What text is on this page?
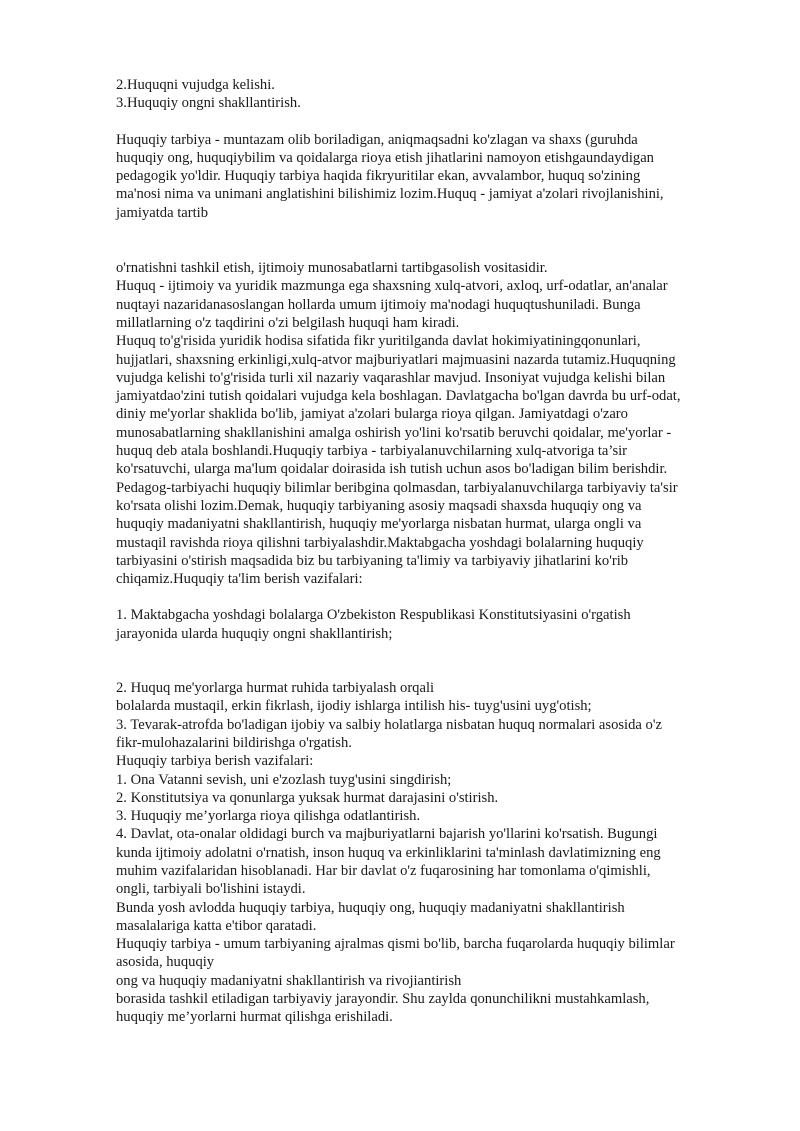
2.Huquqni vujudga kelishi.

3.Huquqiy ongni shakllantirish.

Huquqiy tarbiya - muntazam olib boriladigan, aniqmaqsadni ko'zlagan va shaxs (guruhda

huquqiy ong, huquqiybilim va qoidalarga rioya etish jihatlarini namoyon etishgaundaydigan

pedagogik yo'ldir. Huquqiy tarbiya haqida fikryuritilar ekan, avvalambor, huquq so'zining

ma'nosi nima va unimani anglatishini bilishimiz lozim.Huquq - jamiyat a'zolari rivojlanishini,

jamiyatda tartib

o'rnatishni tashkil etish, ijtimoiy munosabatlarni tartibgasolish vositasidir.

Huquq - ijtimoiy va yuridik mazmunga ega shaxsning xulq-atvori, axloq, urf-odatlar, an'analar

nuqtayi nazaridanasoslangan hollarda umum ijtimoiy ma'nodagi huquqtushuniladi. Bunga

millatlarning o'z taqdirini o'zi belgilash huquqi ham kiradi.

Huquq to'g'risida yuridik hodisa sifatida fikr yuritilganda davlat hokimiyatiningqonunlari,

hujjatlari, shaxsning erkinligi,xulq-atvor majburiyatlari majmuasini nazarda tutamiz.Huquqning

vujudga kelishi to'g'risida turli xil nazariy vaqarashlar mavjud. Insoniyat vujudga kelishi bilan

jamiyatdao'zini tutish qoidalari vujudga kela boshlagan. Davlatgacha bo'lgan davrda bu urf-odat,

diniy me'yorlar shaklida bo'lib, jamiyat a'zolari bularga rioya qilgan. Jamiyatdagi o'zaro

munosabatlarning shakllanishini amalga oshirish yo'lini ko'rsatib beruvchi qoidalar, me'yorlar -

huquq deb atala boshlandi.Huquqiy tarbiya - tarbiyalanuvchilarning xulq-atvoriga ta’sir

ko'rsatuvchi, ularga ma'lum qoidalar doirasida ish tutish uchun asos bo'ladigan bilim berishdir.

Pedagog-tarbiyachi huquqiy bilimlar beribgina qolmasdan, tarbiyalanuvchilarga tarbiyaviy ta'sir

ko'rsata olishi lozim.Demak, huquqiy tarbiyaning asosiy maqsadi shaxsda huquqiy ong va

huquqiy madaniyatni shakllantirish, huquqiy me'yorlarga nisbatan hurmat, ularga ongli va

mustaqil ravishda rioya qilishni tarbiyalashdir.Maktabgacha yoshdagi bolalarning huquqiy

tarbiyasini o'stirish maqsadida biz bu tarbiyaning ta'limiy va tarbiyaviy jihatlarini ko'rib

chiqamiz.Huquqiy ta'lim berish vazifalari:

1. Maktabgacha yoshdagi bolalarga O'zbekiston Respublikasi Konstitutsiyasini o'rgatish

jarayonida ularda huquqiy ongni shakllantirish;

2. Huquq me'yorlarga hurmat ruhida tarbiyalash orqali

bolalarda mustaqil, erkin fikrlash, ijodiy ishlarga intilish his- tuyg'usini uyg'otish;

3. Tevarak-atrofda bo'ladigan ijobiy va salbiy holatlarga nisbatan huquq normalari asosida o'z

fikr-mulohazalarini bildirishga o'rgatish.

Huquqiy tarbiya berish vazifalari:

1. Ona Vatanni sevish, uni e'zozlash tuyg'usini singdirish;

2. Konstitutsiya va qonunlarga yuksak hurmat darajasini o'stirish.

3. Huquqiy me’yorlarga rioya qilishga odatlantirish.

4. Davlat, ota-onalar oldidagi burch va majburiyatlarni bajarish yo'llarini ko'rsatish. Bugungi

kunda ijtimoiy adolatni o'rnatish, inson huquq va erkinliklarini ta'minlash davlatimizning eng

muhim vazifalaridan hisoblanadi. Har bir davlat o'z fuqarosining har tomonlama o'qimishli,

ongli, tarbiyali bo'lishini istaydi.

Bunda yosh avlodda huquqiy tarbiya, huquqiy ong, huquqiy madaniyatni shakllantirish

masalalariga katta e'tibor qaratadi.

Huquqiy tarbiya - umum tarbiyaning ajralmas qismi bo'lib, barcha fuqarolarda huquqiy bilimlar

asosida, huquqiy

ong va huquqiy madaniyatni shakllantirish va rivojiantirish

borasida tashkil etiladigan tarbiyaviy jarayondir. Shu zaylda qonunchilikni mustahkamlash,

huquqiy me’yorlarni hurmat qilishga erishiladi.
